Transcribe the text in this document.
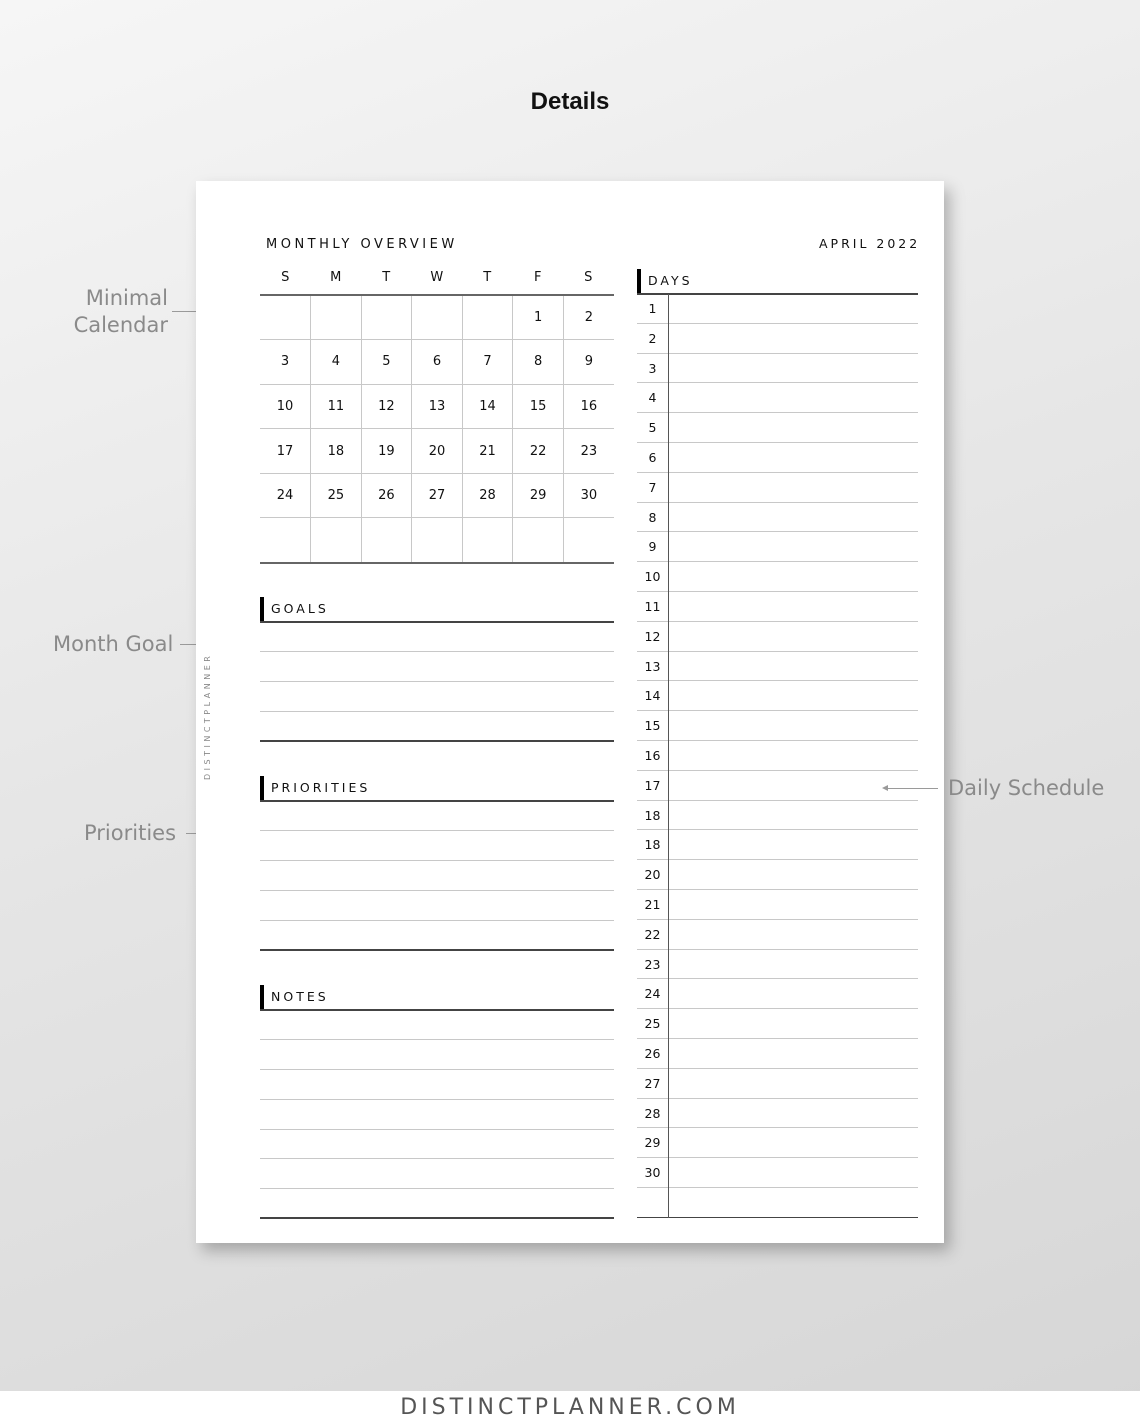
Details
Minimal Calendar
Month Goal
Priorities
Daily Schedule
MONTHLY OVERVIEW	APRIL 2022
DISTINCTPLANNER
S	M	T	W	T	F	S
					1	2
3	4	5	6	7	8	9
10	11	12	13	14	15	16
17	18	19	20	21	22	23
24	25	26	27	28	29	30

GOALS
PRIORITIES
NOTES
DAYS
1
2
3
4
5
6
7
8
9
10
11
12
13
14
15
16
17
18
18
20
21
22
23
24
25
26
27
28
29
30
DISTINCTPLANNER.COM
